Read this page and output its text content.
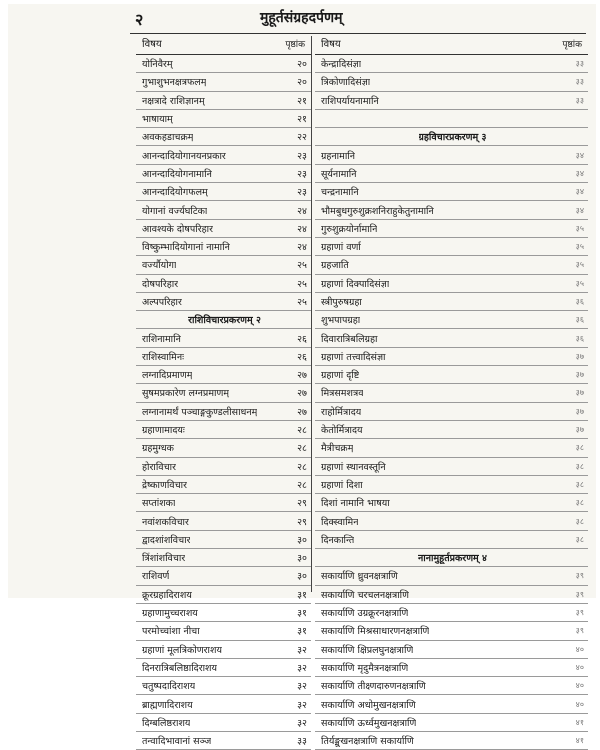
२	मुहूर्तसंग्रहदर्पणम्
विषय	पृष्ठांक
योनिवैरम्	२०
गुभाशुभनक्षत्रफलम्	२०
नक्षत्रादे राशिज्ञानम्	२१
भाषायाम्	२१
अवकहडाचक्रम्	२२
आनन्दादियोगानयनप्रकार	२३
आनन्दादियोगनामानि	२३
आनन्दादियोगफलम्	२३
योगानां वर्ज्यघटिका	२४
आवश्यके दोषपरिहार	२४
विष्कुम्भादियोगानां नामानि	२४
वर्ज्यौयोगा	२५
दोषपरिहार	२५
अल्पपरिहार	२५
राशिविचारप्रकरणम् २
राशिनामानि	२६
राशिस्वामिनः	२६
लग्नादिप्रमाणम्	२७
सुषमप्रकारेण लग्नप्रमाणम्	२७
लग्नानामर्थं पञ्चाङ्गकुण्डलीसाधनम्	२७
ग्रहाणामादयः	२८
ग्रहमुग्धक	२८
होराविचार	२८
द्रेष्काणविचार	२८
सप्तांशका	२९
नवांशकविचार	२९
द्वादशांशविचार	३०
त्रिंशांशविचार	३०
राशिवर्ण	३०
क्रूरग्रहादिराशय	३१
ग्रहाणामुच्चराशय	३१
परमोच्चांशा नीचा	३१
ग्रहाणां मूलत्रिकोणराशय	३२
दिनरात्रिबलिष्ठादिराशय	३२
चतुष्पदादिराशय	३२
ब्राह्मणादिराशय	३२
दिग्बलिष्ठराशय	३२
तन्वादिभावानां सञ्ज	३३
विषय	पृष्ठांक
केन्द्रादिसंज्ञा	३३
त्रिकोणादिसंज्ञा	३३
राशिपर्यायनामानि	३३
ग्रहविचारप्रकरणम् ३
ग्रहनामानि	३४
सूर्यनामानि	३४
चन्द्रनामानि	३४
भौमबुधगुरुशुक्रशनिराहुकेतुनामानि	३४
गुरुशुक्रयोर्नामानि	३५
ग्रहाणां वर्णा	३५
ग्रहजाति	३५
ग्रहाणां दिक्पादिसंज्ञा	३५
स्त्रीपुरुषग्रहा	३६
शुभपापग्रहा	३६
दिवारात्रिबलिग्रहा	३६
ग्रहाणां तत्त्वादिसंज्ञा	३७
ग्रहाणां दृष्टि	३७
मित्रसमशत्रव	३७
राहोर्मित्रादय	३७
केतोर्मित्रादय	३७
मैत्रीचक्रम्	३८
ग्रहाणां स्थानवस्तूनि	३८
ग्रहाणां दिशा	३८
दिशां नामानि भाषया	३८
दिक्स्वामिन	३८
दिनकान्ति	३८
नानामुहूर्तप्रकरणम् ४
सकार्याणि ध्रुवनक्षत्राणि	३९
सकार्याणि चरचलनक्षत्राणि	३९
सकार्याणि उग्रक्रूरनक्षत्राणि	३९
सकार्याणि मिश्रसाधारणनक्षत्राणि	३९
सकार्याणि क्षिप्रलघुनक्षत्राणि	४०
सकार्याणि मृदुमैत्रनक्षत्राणि	४०
सकार्याणि तीक्ष्णदारुणनक्षत्राणि	४०
सकार्याणि अधोमुखनक्षत्राणि	४०
सकार्याणि ऊर्ध्वमुखनक्षत्राणि	४१
तिर्यङ्मुखनक्षत्राणि सकार्याणि	४१
